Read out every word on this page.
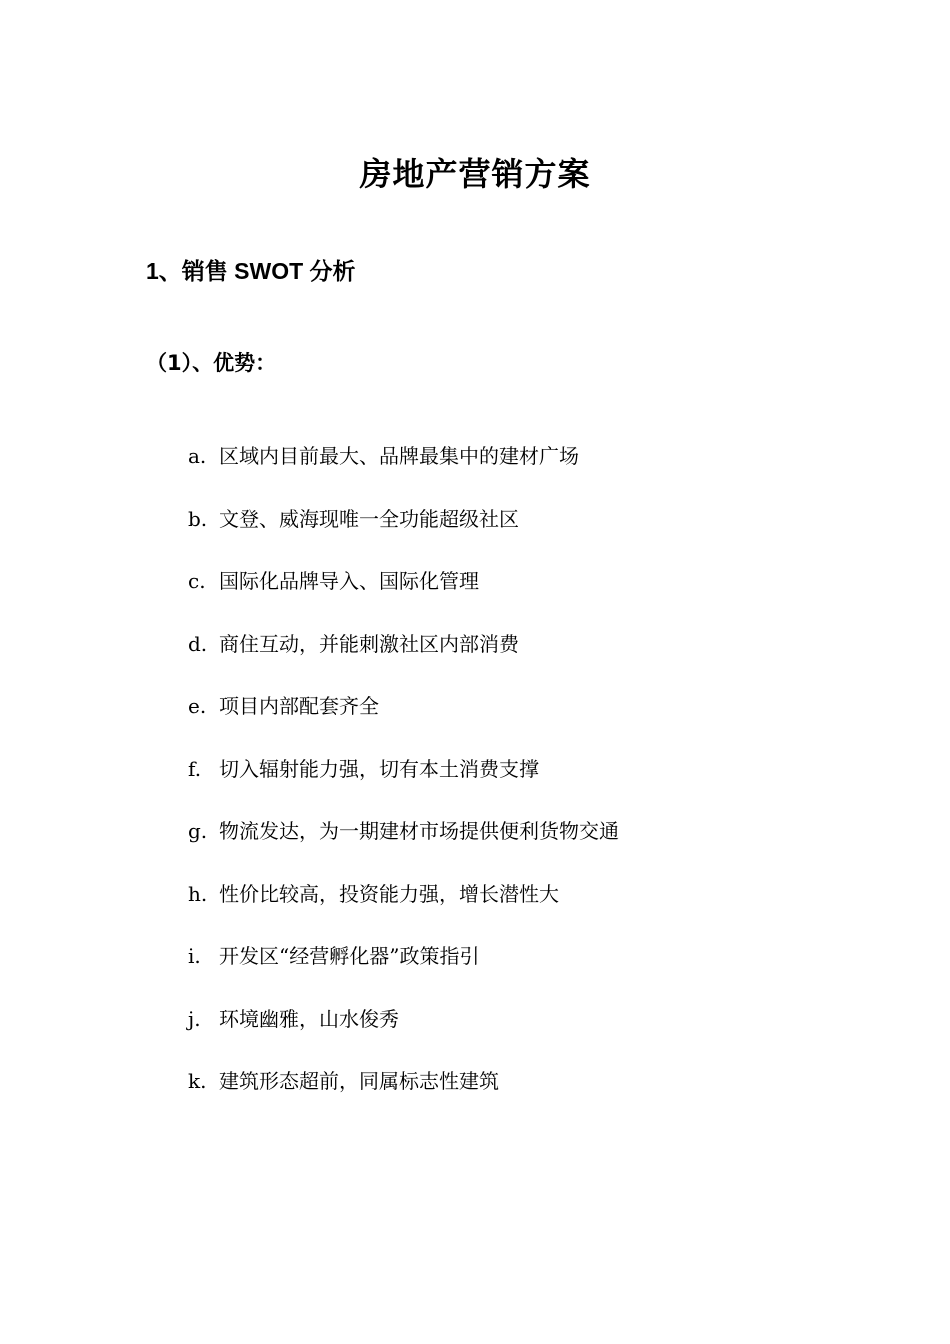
房地产营销方案
1、销售 SWOT 分析
（1）、优势：
a. 区域内目前最大、品牌最集中的建材广场
b. 文登、威海现唯一全功能超级社区
c. 国际化品牌导入、国际化管理
d. 商住互动，并能刺激社区内部消费
e. 项目内部配套齐全
f. 切入辐射能力强，切有本土消费支撑
g. 物流发达，为一期建材市场提供便利货物交通
h. 性价比较高，投资能力强，增长潜性大
i. 开发区“经营孵化器”政策指引
j. 环境幽雅，山水俊秀
k. 建筑形态超前，同属标志性建筑
